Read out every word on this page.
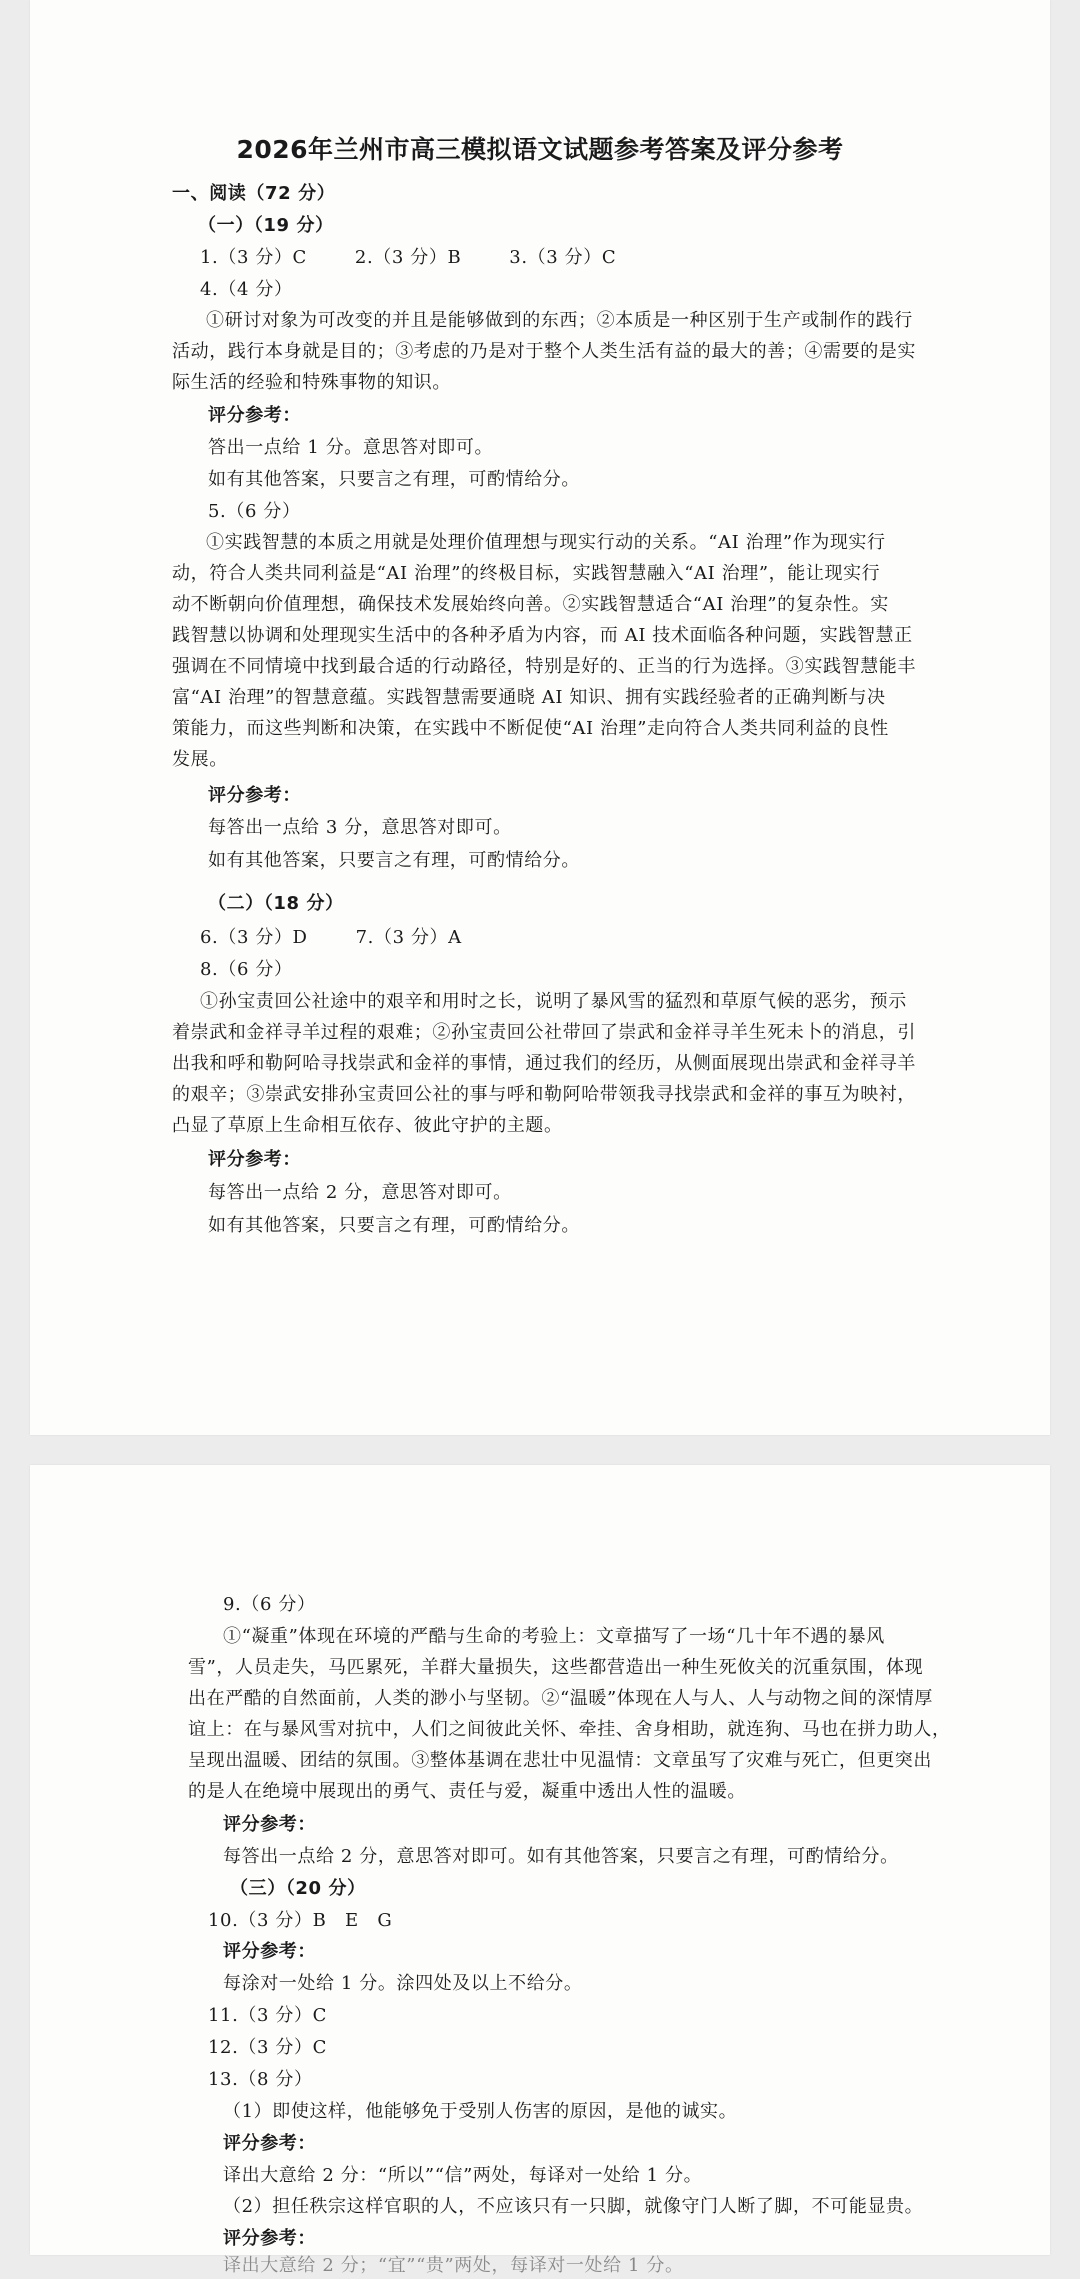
2026年兰州市高三模拟语文试题参考答案及评分参考
一、阅读（72 分）
（一）（19 分）
1.（3 分）C	2.（3 分）B	3.（3 分）C
4.（4 分）
①研讨对象为可改变的并且是能够做到的东西；②本质是一种区别于生产或制作的践行
活动，践行本身就是目的；③考虑的乃是对于整个人类生活有益的最大的善；④需要的是实
际生活的经验和特殊事物的知识。
评分参考：
答出一点给 1 分。意思答对即可。
如有其他答案，只要言之有理，可酌情给分。
5.（6 分）
①实践智慧的本质之用就是处理价值理想与现实行动的关系。“AI 治理”作为现实行
动，符合人类共同利益是“AI 治理”的终极目标，实践智慧融入“AI 治理”，能让现实行
动不断朝向价值理想，确保技术发展始终向善。②实践智慧适合“AI 治理”的复杂性。实
践智慧以协调和处理现实生活中的各种矛盾为内容，而 AI 技术面临各种问题，实践智慧正
强调在不同情境中找到最合适的行动路径，特别是好的、正当的行为选择。③实践智慧能丰
富“AI 治理”的智慧意蕴。实践智慧需要通晓 AI 知识、拥有实践经验者的正确判断与决
策能力，而这些判断和决策，在实践中不断促使“AI 治理”走向符合人类共同利益的良性
发展。
评分参考：
每答出一点给 3 分，意思答对即可。
如有其他答案，只要言之有理，可酌情给分。
（二）（18 分）
6.（3 分）D	7.（3 分）A
8.（6 分）
①孙宝责回公社途中的艰辛和用时之长，说明了暴风雪的猛烈和草原气候的恶劣，预示
着崇武和金祥寻羊过程的艰难；②孙宝责回公社带回了崇武和金祥寻羊生死未卜的消息，引
出我和呼和勒阿哈寻找崇武和金祥的事情，通过我们的经历，从侧面展现出崇武和金祥寻羊
的艰辛；③崇武安排孙宝责回公社的事与呼和勒阿哈带领我寻找崇武和金祥的事互为映衬，
凸显了草原上生命相互依存、彼此守护的主题。
评分参考：
每答出一点给 2 分，意思答对即可。
如有其他答案，只要言之有理，可酌情给分。
9.（6 分）
①“凝重”体现在环境的严酷与生命的考验上：文章描写了一场“几十年不遇的暴风
雪”，人员走失，马匹累死，羊群大量损失，这些都营造出一种生死攸关的沉重氛围，体现
出在严酷的自然面前，人类的渺小与坚韧。②“温暖”体现在人与人、人与动物之间的深情厚
谊上：在与暴风雪对抗中，人们之间彼此关怀、牵挂、舍身相助，就连狗、马也在拼力助人，
呈现出温暖、团结的氛围。③整体基调在悲壮中见温情：文章虽写了灾难与死亡，但更突出
的是人在绝境中展现出的勇气、责任与爱，凝重中透出人性的温暖。
评分参考：
每答出一点给 2 分，意思答对即可。如有其他答案，只要言之有理，可酌情给分。
（三）（20 分）
10.（3 分）B　E　G
评分参考：
每涂对一处给 1 分。涂四处及以上不给分。
11.（3 分）C
12.（3 分）C
13.（8 分）
（1）即使这样，他能够免于受别人伤害的原因，是他的诚实。
评分参考：
译出大意给 2 分：“所以”“信”两处，每译对一处给 1 分。
（2）担任秩宗这样官职的人，不应该只有一只脚，就像守门人断了脚，不可能显贵。
评分参考：
译出大意给 2 分；“宜”“贵”两处，每译对一处给 1 分。
